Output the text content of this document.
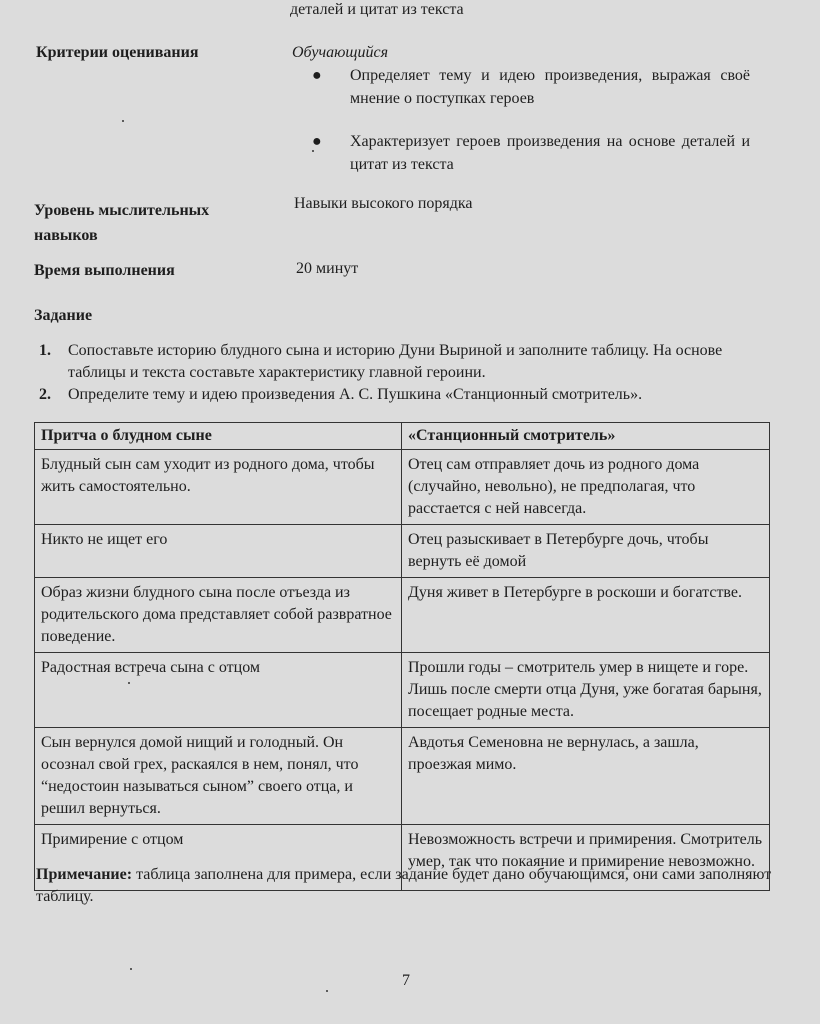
деталей и цитат из текста
Критерии оценивания	Обучающийся
● Определяет тему и идею произведения, выражая своё мнение о поступках героев
● Характеризует героев произведения на основе деталей и цитат из текста
Уровень мыслительных
навыков
Навыки высокого порядка
Время выполнения	20 минут
Задание
1. Сопоставьте историю блудного сына и историю Дуни Выриной и заполните таблицу. На основе таблицы и текста составьте характеристику главной героини.
2. Определите тему и идею произведения А. С. Пушкина «Станционный смотритель».
Притча о блудном сыне	«Станционный смотритель»
Блудный сын сам уходит из родного дома, чтобы жить самостоятельно.	Отец сам отправляет дочь из родного дома (случайно, невольно), не предполагая, что расстается с ней навсегда.
Никто не ищет его	Отец разыскивает в Петербурге дочь, чтобы вернуть её домой
Образ жизни блудного сына после отъезда из родительского дома представляет собой развратное поведение.	Дуня живет в Петербурге в роскоши и богатстве.
Радостная встреча сына с отцом	Прошли годы – смотритель умер в нищете и горе. Лишь после смерти отца Дуня, уже богатая барыня, посещает родные места.
Сын вернулся домой нищий и голодный. Он осознал свой грех, раскаялся в нем, понял, что “недостоин называться сыном” своего отца, и решил вернуться.	Авдотья Семеновна не вернулась, а зашла, проезжая мимо.
Примирение с отцом	Невозможность встречи и примирения. Смотритель умер, так что покаяние и примирение невозможно.
Примечание: таблица заполнена для примера, если задание будет дано обучающимся, они сами заполняют таблицу.
7
